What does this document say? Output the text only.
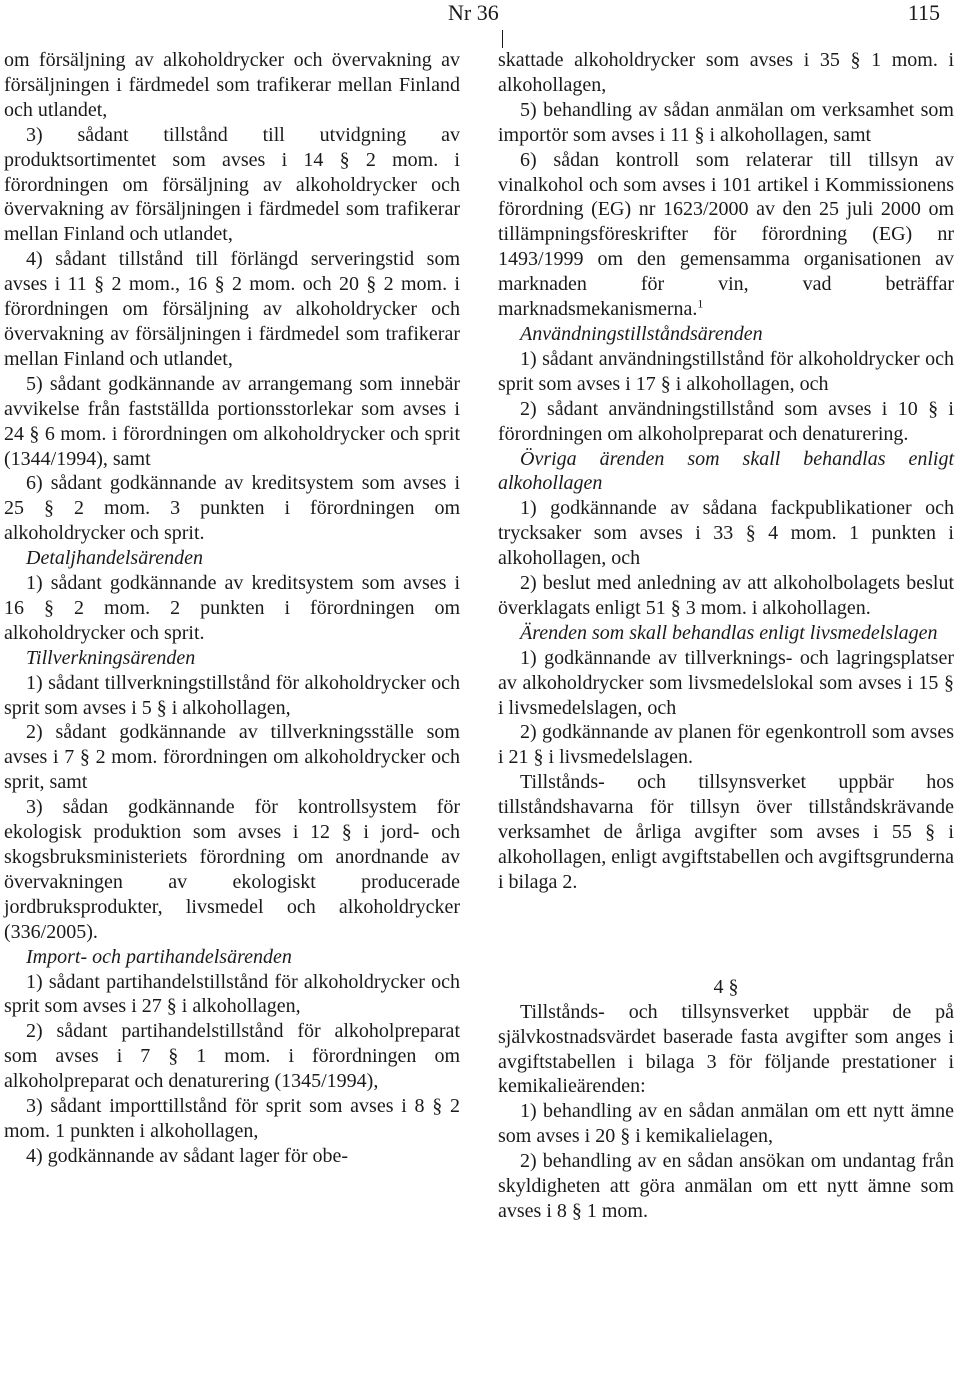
Nr 36	115

om försäljning av alkoholdrycker och övervakning av försäljningen i färdmedel som trafikerar mellan Finland och utlandet,

3) sådant tillstånd till utvidgning av produktsortimentet som avses i 14 § 2 mom. i förordningen om försäljning av alkoholdrycker och övervakning av försäljningen i färdmedel som trafikerar mellan Finland och utlandet,

4) sådant tillstånd till förlängd serveringstid som avses i 11 § 2 mom., 16 § 2 mom. och 20 § 2 mom. i förordningen om försäljning av alkoholdrycker och övervakning av försäljningen i färdmedel som trafikerar mellan Finland och utlandet,

5) sådant godkännande av arrangemang som innebär avvikelse från fastställda portionsstorlekar som avses i 24 § 6 mom. i förordningen om alkoholdrycker och sprit (1344/1994), samt

6) sådant godkännande av kreditsystem som avses i 25 § 2 mom. 3 punkten i förordningen om alkoholdrycker och sprit.

Detaljhandelsärenden

1) sådant godkännande av kreditsystem som avses i 16 § 2 mom. 2 punkten i förordningen om alkoholdrycker och sprit.

Tillverkningsärenden

1) sådant tillverkningstillstånd för alkoholdrycker och sprit som avses i 5 § i alkohollagen,

2) sådant godkännande av tillverkningsställe som avses i 7 § 2 mom. förordningen om alkoholdrycker och sprit, samt

3) sådan godkännande för kontrollsystem för ekologisk produktion som avses i 12 § i jord- och skogsbruksministeriets förordning om anordnande av övervakningen av ekologiskt producerade jordbruksprodukter, livsmedel och alkoholdrycker (336/2005).

Import- och partihandelsärenden

1) sådant partihandelstillstånd för alkoholdrycker och sprit som avses i 27 § i alkohollagen,

2) sådant partihandelstillstånd för alkoholpreparat som avses i 7 § 1 mom. i förordningen om alkoholpreparat och denaturering (1345/1994),

3) sådant importtillstånd för sprit som avses i 8 § 2 mom. 1 punkten i alkohollagen,

4) godkännande av sådant lager för obe-

skattade alkoholdrycker som avses i 35 § 1 mom. i alkohollagen,

5) behandling av sådan anmälan om verksamhet som importör som avses i 11 § i alkohollagen, samt

6) sådan kontroll som relaterar till tillsyn av vinalkohol och som avses i 101 artikel i Kommissionens förordning (EG) nr 1623/2000 av den 25 juli 2000 om tillämpningsföreskrifter för förordning (EG) nr 1493/1999 om den gemensamma organisationen av marknaden för vin, vad beträffar marknadsmekanismerna.$^1$

Användningstillståndsärenden

1) sådant användningstillstånd för alkoholdrycker och sprit som avses i 17 § i alkohollagen, och

2) sådant användningstillstånd som avses i 10 § i förordningen om alkoholpreparat och denaturering.

Övriga ärenden som skall behandlas enligt alkohollagen

1) godkännande av sådana fackpublikationer och trycksaker som avses i 33 § 4 mom. 1 punkten i alkohollagen, och

2) beslut med anledning av att alkoholbolagets beslut överklagats enligt 51 § 3 mom. i alkohollagen.

Ärenden som skall behandlas enligt livsmedelslagen

1) godkännande av tillverknings- och lagringsplatser av alkoholdrycker som livsmedelslokal som avses i 15 § i livsmedelslagen, och

2) godkännande av planen för egenkontroll som avses i 21 § i livsmedelslagen.

Tillstånds- och tillsynsverket uppbär hos tillståndshavarna för tillsyn över tillståndskrävande verksamhet de årliga avgifter som avses i 55 § i alkohollagen, enligt avgiftstabellen och avgiftsgrunderna i bilaga 2.

4 §

Tillstånds- och tillsynsverket uppbär de på självkostnadsvärdet baserade fasta avgifter som anges i avgiftstabellen i bilaga 3 för följande prestationer i kemikalieärenden:

1) behandling av en sådan anmälan om ett nytt ämne som avses i 20 § i kemikalielagen,

2) behandling av en sådan ansökan om undantag från skyldigheten att göra anmälan om ett nytt ämne som avses i 8 § 1 mom.
